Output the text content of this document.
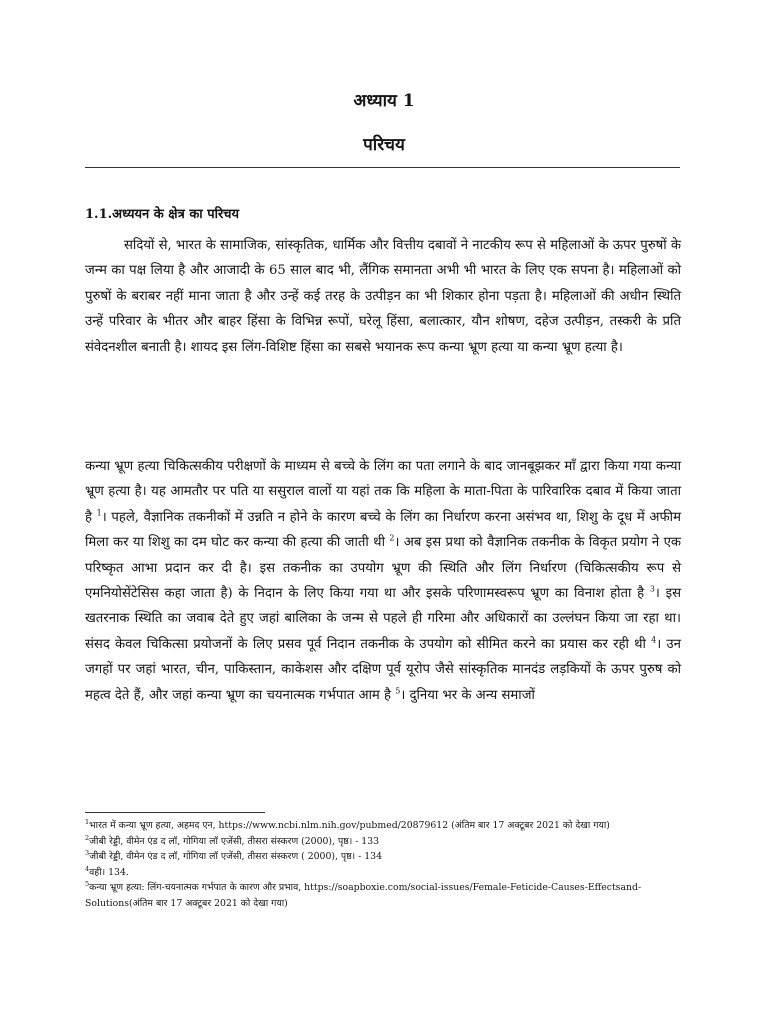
अध्याय 1
परिचय
1.1.अध्ययन के क्षेत्र का परिचय

सदियों से, भारत के सामाजिक, सांस्कृतिक, धार्मिक और वित्तीय दबावों ने नाटकीय रूप से महिलाओं के ऊपर पुरुषों के जन्म का पक्ष लिया है और आजादी के 65 साल बाद भी, लैंगिक समानता अभी भी भारत के लिए एक सपना है। महिलाओं को पुरुषों के बराबर नहीं माना जाता है और उन्हें कई तरह के उत्पीड़न का भी शिकार होना पड़ता है। महिलाओं की अधीन स्थिति उन्हें परिवार के भीतर और बाहर हिंसा के विभिन्न रूपों, घरेलू हिंसा, बलात्कार, यौन शोषण, दहेज उत्पीड़न, तस्करी के प्रति संवेदनशील बनाती है। शायद इस लिंग-विशिष्ट हिंसा का सबसे भयानक रूप कन्या भ्रूण हत्या या कन्या भ्रूण हत्या है।

कन्या भ्रूण हत्या चिकित्सकीय परीक्षणों के माध्यम से बच्चे के लिंग का पता लगाने के बाद जानबूझकर माँ द्वारा किया गया कन्या भ्रूण हत्या है। यह आमतौर पर पति या ससुराल वालों या यहां तक कि महिला के माता-पिता के पारिवारिक दबाव में किया जाता है $^1$। पहले, वैज्ञानिक तकनीकों में उन्नति न होने के कारण बच्चे के लिंग का निर्धारण करना असंभव था, शिशु के दूध में अफीम मिला कर या शिशु का दम घोट कर कन्या की हत्या की जाती थी $^2$। अब इस प्रथा को वैज्ञानिक तकनीक के विकृत प्रयोग ने एक परिष्कृत आभा प्रदान कर दी है। इस तकनीक का उपयोग भ्रूण की स्थिति और लिंग निर्धारण (चिकित्सकीय रूप से एमनियोसेंटेसिस कहा जाता है) के निदान के लिए किया गया था और इसके परिणामस्वरूप भ्रूण का विनाश होता है $^3$। इस खतरनाक स्थिति का जवाब देते हुए जहां बालिका के जन्म से पहले ही गरिमा और अधिकारों का उल्लंघन किया जा रहा था। संसद केवल चिकित्सा प्रयोजनों के लिए प्रसव पूर्व निदान तकनीक के उपयोग को सीमित करने का प्रयास कर रही थी $^4$। उन जगहों पर जहां भारत, चीन, पाकिस्तान, काकेशस और दक्षिण पूर्व यूरोप जैसे सांस्कृतिक मानदंड लड़कियों के ऊपर पुरुष को महत्व देते हैं, और जहां कन्या भ्रूण का चयनात्मक गर्भपात आम है $^5$। दुनिया भर के अन्य समाजों

$^1$भारत में कन्या भ्रूण हत्या, अहमद एन, https://www.ncbi.nlm.nih.gov/pubmed/20879612 (अंतिम बार 17 अक्टूबर 2021 को देखा गया)

$^2$जीबी रेड्डी, वीमेन एंड द लॉ, गोगिया लॉ एजेंसी, तीसरा संस्करण (2000), पृष्ठ। - 133

$^3$जीबी रेड्डी, वीमेन एंड द लॉ, गोगिया लॉ एजेंसी, तीसरा संस्करण ( 2000), पृष्ठ। - 134

$^4$वही। 134.

$^5$कन्या भ्रूण हत्या: लिंग-चयनात्मक गर्भपात के कारण और प्रभाव, https://soapboxie.com/social-issues/Female-Feticide-Causes-Effectsand-Solutions(अंतिम बार 17 अक्टूबर 2021 को देखा गया)
